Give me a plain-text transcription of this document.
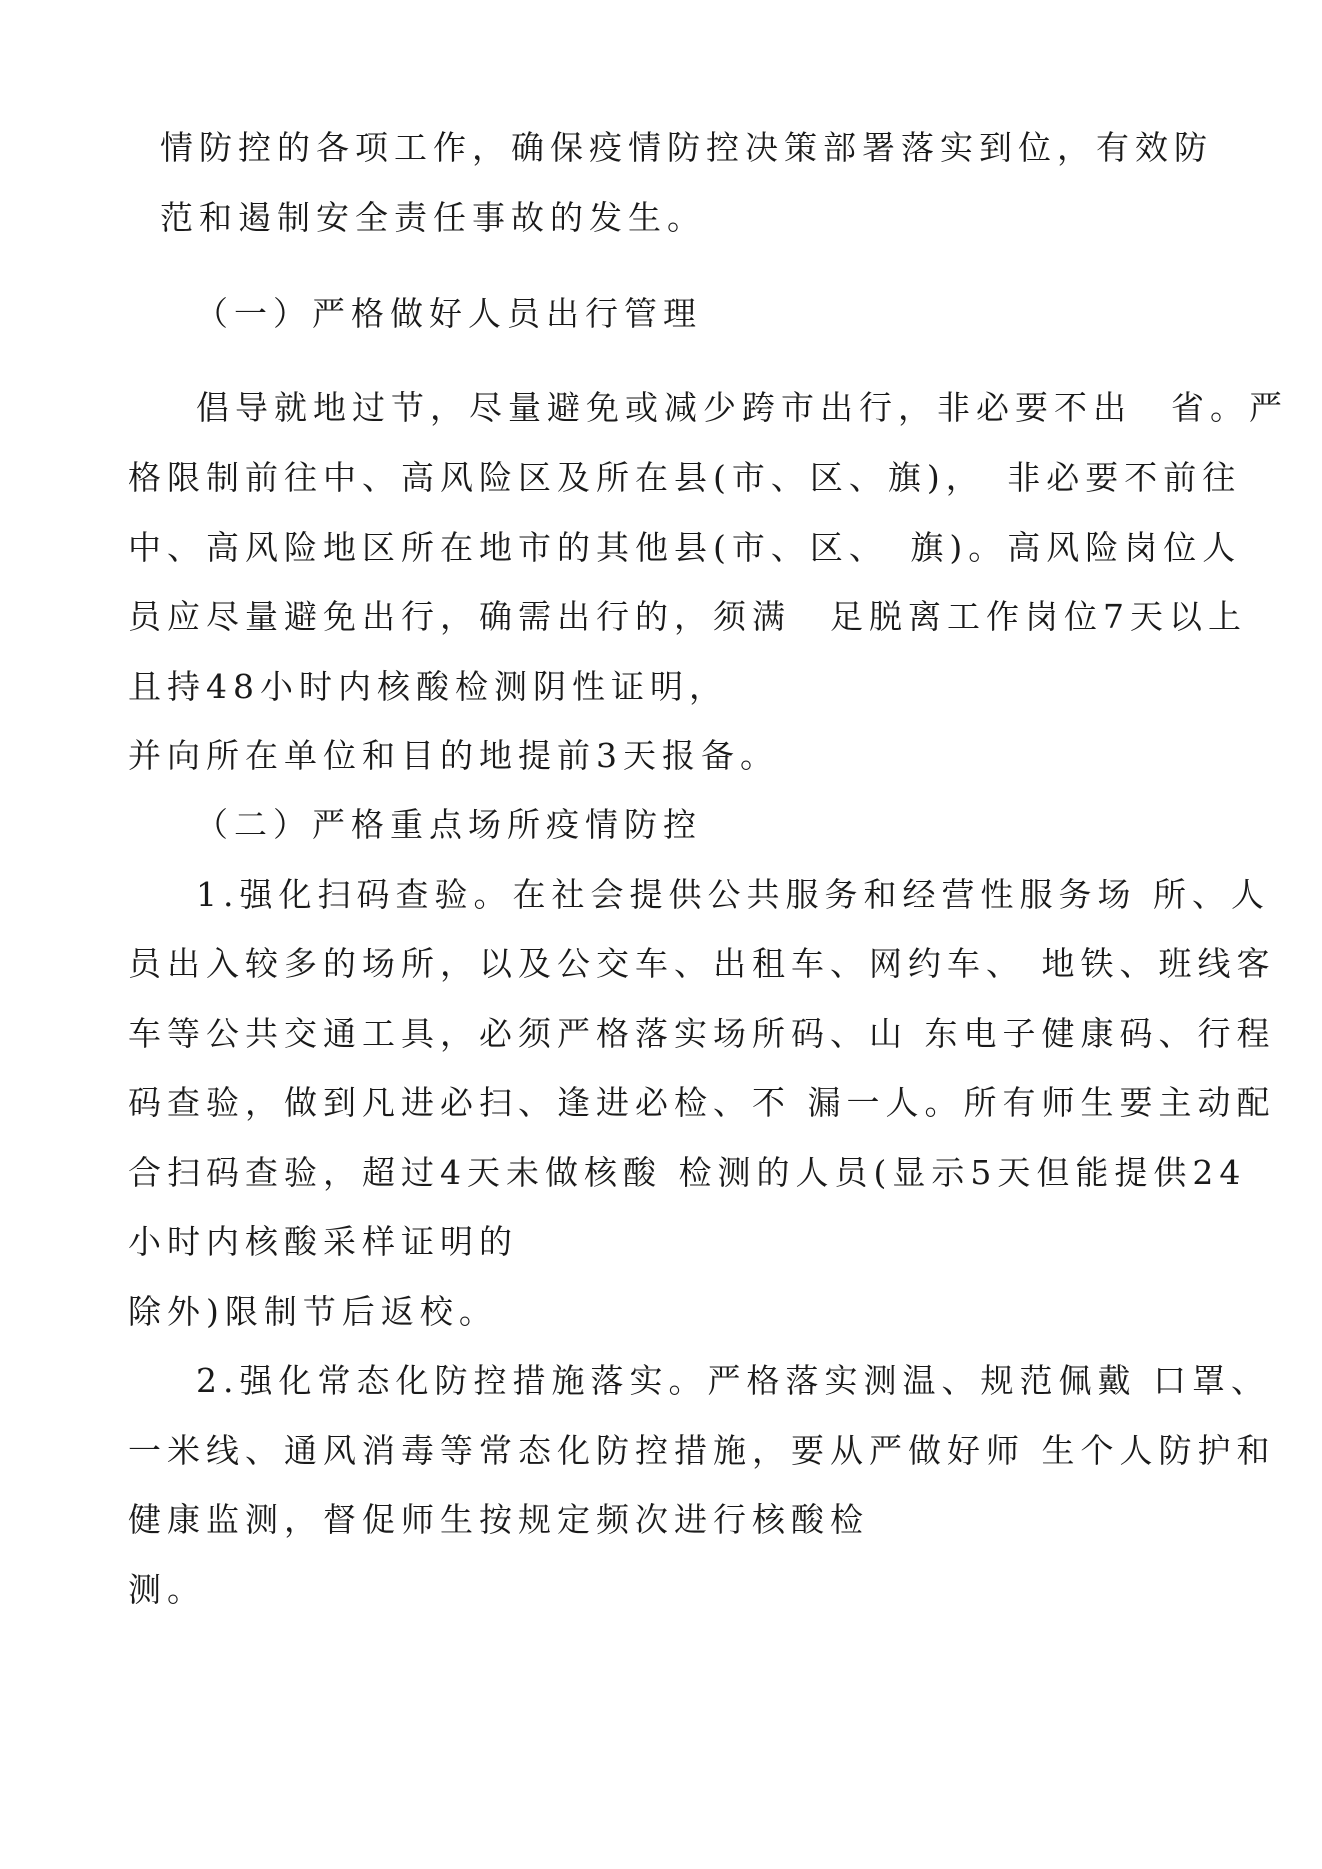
情防控的各项工作，确保疫情防控决策部署落实到位，有效防
范和遏制安全责任事故的发生。
（一）严格做好人员出行管理
倡导就地过节，尽量避免或减少跨市出行，非必要不出　省。严
格限制前往中、高风险区及所在县(市、区、旗)，　非必要不前往
中、高风险地区所在地市的其他县(市、区、　旗)。高风险岗位人
员应尽量避免出行，确需出行的，须满　足脱离工作岗位7天以上
且持48小时内核酸检测阴性证明，
并向所在单位和目的地提前3天报备。
（二）严格重点场所疫情防控
1.强化扫码查验。在社会提供公共服务和经营性服务场 所、人
员出入较多的场所，以及公交车、出租车、网约车、 地铁、班线客
车等公共交通工具，必须严格落实场所码、山 东电子健康码、行程
码查验，做到凡进必扫、逢进必检、不 漏一人。所有师生要主动配
合扫码查验，超过4天未做核酸 检测的人员(显示5天但能提供24
小时内核酸采样证明的
除外)限制节后返校。
2.强化常态化防控措施落实。严格落实测温、规范佩戴 口罩、
一米线、通风消毒等常态化防控措施，要从严做好师 生个人防护和
健康监测，督促师生按规定频次进行核酸检
测。
